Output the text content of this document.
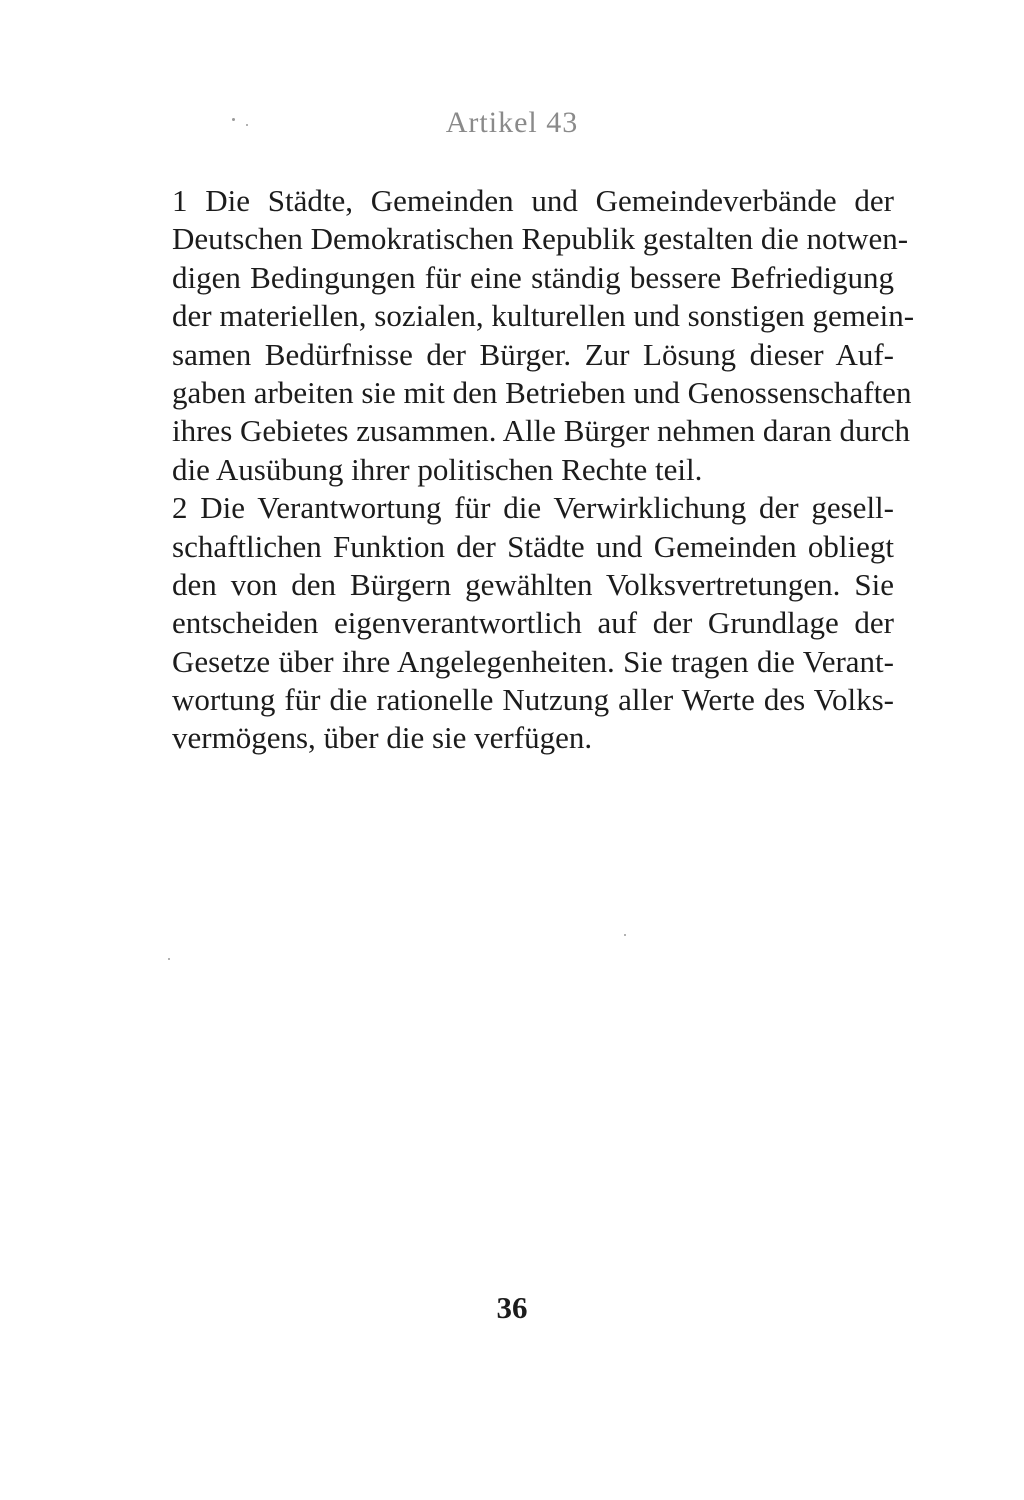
Artikel 43
1 Die Städte, Gemeinden und Gemeindeverbände der
Deutschen Demokratischen Republik gestalten die notwen-
digen Bedingungen für eine ständig bessere Befriedigung
der materiellen, sozialen, kulturellen und sonstigen gemein-
samen Bedürfnisse der Bürger. Zur Lösung dieser Auf-
gaben arbeiten sie mit den Betrieben und Genossenschaften
ihres Gebietes zusammen. Alle Bürger nehmen daran durch
die Ausübung ihrer politischen Rechte teil.
2 Die Verantwortung für die Verwirklichung der gesell-
schaftlichen Funktion der Städte und Gemeinden obliegt
den von den Bürgern gewählten Volksvertretungen. Sie
entscheiden eigenverantwortlich auf der Grundlage der
Gesetze über ihre Angelegenheiten. Sie tragen die Verant-
wortung für die rationelle Nutzung aller Werte des Volks-
vermögens, über die sie verfügen.
36
